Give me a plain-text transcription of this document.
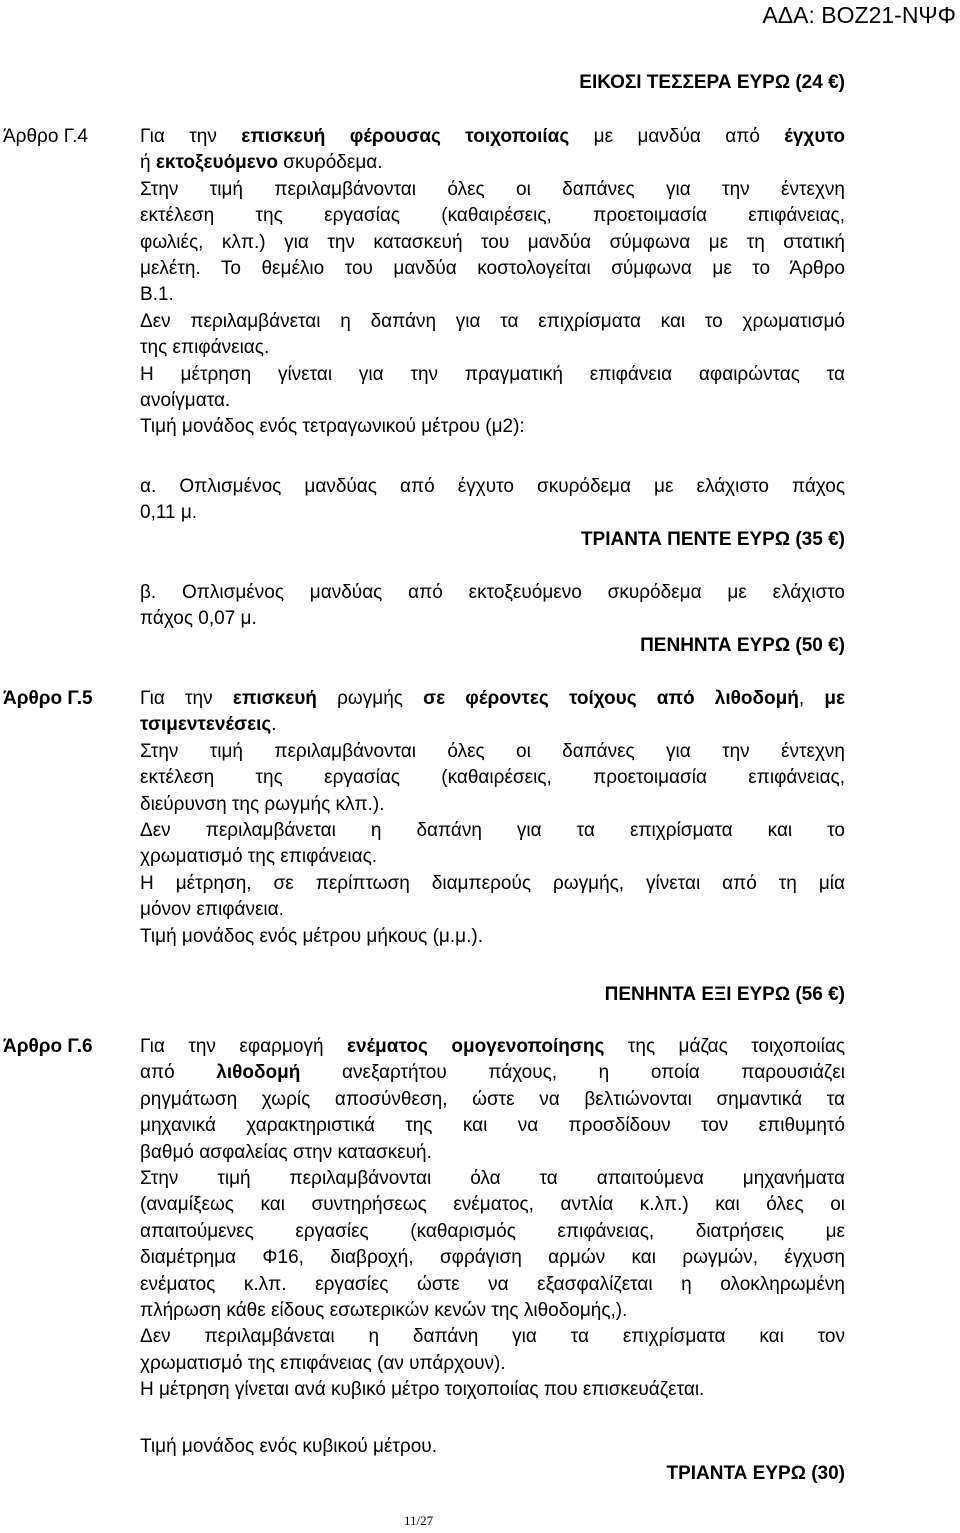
ΑΔΑ: ΒΟΖ21-ΝΨΦ
ΕΙΚΟΣΙ ΤΕΣΣΕΡΑ ΕΥΡΩ (24 €)
Άρθρο Γ.4	Για την επισκευή φέρουσας τοιχοποιίας με μανδύα από έγχυτο
ή εκτοξευόμενο σκυρόδεμα.
Στην τιμή περιλαμβάνονται όλες οι δαπάνες για την έντεχνη
εκτέλεση της εργασίας (καθαιρέσεις, προετοιμασία επιφάνειας,
φωλιές, κλπ.) για την κατασκευή του μανδύα σύμφωνα με τη στατική
μελέτη. Το θεμέλιο του μανδύα κοστολογείται σύμφωνα με το Άρθρο
Β.1.
Δεν περιλαμβάνεται η δαπάνη για τα επιχρίσματα και το χρωματισμό
της επιφάνειας.
Η μέτρηση γίνεται για την πραγματική επιφάνεια αφαιρώντας τα
ανοίγματα.
Τιμή μονάδος ενός τετραγωνικού μέτρου (μ2):
α. Οπλισμένος μανδύας από έγχυτο σκυρόδεμα με ελάχιστο πάχος
0,11 μ.
ΤΡΙΑΝΤΑ ΠΕΝΤΕ ΕΥΡΩ (35 €)
β. Οπλισμένος μανδύας από εκτοξευόμενο σκυρόδεμα με ελάχιστο
πάχος 0,07 μ.
ΠΕΝΗΝΤΑ ΕΥΡΩ (50 €)
Άρθρο Γ.5 Για την επισκευή ρωγμής σε φέροντες τοίχους από λιθοδομή, με
τσιμεντενέσεις.
Στην τιμή περιλαμβάνονται όλες οι δαπάνες για την έντεχνη
εκτέλεση της εργασίας (καθαιρέσεις, προετοιμασία επιφάνειας,
διεύρυνση της ρωγμής κλπ.).
Δεν περιλαμβάνεται η δαπάνη για τα επιχρίσματα και το
χρωματισμό της επιφάνειας.
Η μέτρηση, σε περίπτωση διαμπερούς ρωγμής, γίνεται από τη μία
μόνον επιφάνεια.
Τιμή μονάδος ενός μέτρου μήκους (μ.μ.).
ΠΕΝΗΝΤΑ ΕΞΙ ΕΥΡΩ (56 €)
Άρθρο Γ.6 Για την εφαρμογή ενέματος ομογενοποίησης της μάζας τοιχοποιίας
από λιθοδομή ανεξαρτήτου πάχους, η οποία παρουσιάζει
ρηγμάτωση χωρίς αποσύνθεση, ώστε να βελτιώνονται σημαντικά τα
μηχανικά χαρακτηριστικά της και να προσδίδουν τον επιθυμητό
βαθμό ασφαλείας στην κατασκευή.
Στην τιμή περιλαμβάνονται όλα τα απαιτούμενα μηχανήματα
(αναμίξεως και συντηρήσεως ενέματος, αντλία κ.λπ.) και όλες οι
απαιτούμενες εργασίες (καθαρισμός επιφάνειας, διατρήσεις με
διαμέτρημα Φ16, διαβροχή, σφράγιση αρμών και ρωγμών, έγχυση
ενέματος κ.λπ. εργασίες ώστε να εξασφαλίζεται η ολοκληρωμένη
πλήρωση κάθε είδους εσωτερικών κενών της λιθοδομής,).
Δεν περιλαμβάνεται η δαπάνη για τα επιχρίσματα και τον
χρωματισμό της επιφάνειας (αν υπάρχουν).
Η μέτρηση γίνεται ανά κυβικό μέτρο τοιχοποιίας που επισκευάζεται.
Τιμή μονάδος ενός κυβικού μέτρου.
ΤΡΙΑΝΤΑ ΕΥΡΩ (30)
11/27
